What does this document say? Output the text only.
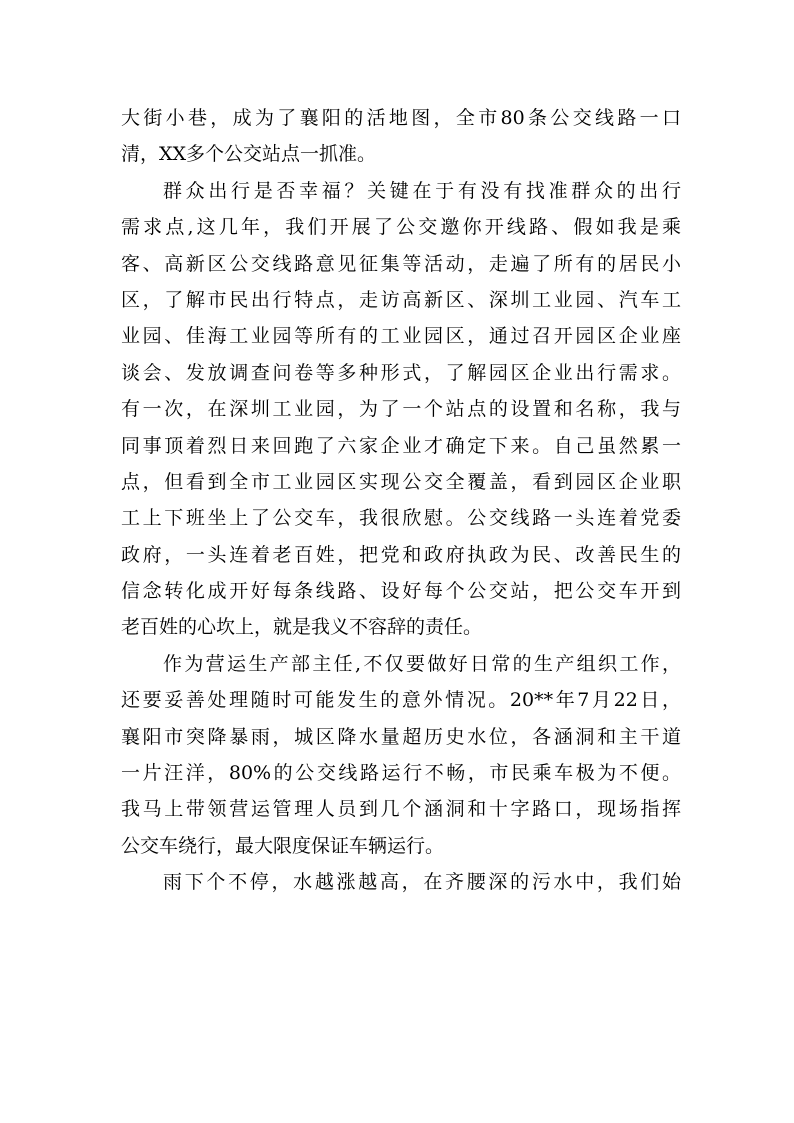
大街小巷，成为了襄阳的活地图，全市80条公交线路一口
清，XX多个公交站点一抓准。
群众出行是否幸福？关键在于有没有找准群众的出行
需求点,这几年，我们开展了公交邀你开线路、假如我是乘
客、高新区公交线路意见征集等活动，走遍了所有的居民小
区，了解市民出行特点，走访高新区、深圳工业园、汽车工
业园、佳海工业园等所有的工业园区，通过召开园区企业座
谈会、发放调查问卷等多种形式，了解园区企业出行需求。
有一次，在深圳工业园，为了一个站点的设置和名称，我与
同事顶着烈日来回跑了六家企业才确定下来。自己虽然累一
点，但看到全市工业园区实现公交全覆盖，看到园区企业职
工上下班坐上了公交车，我很欣慰。公交线路一头连着党委
政府，一头连着老百姓，把党和政府执政为民、改善民生的
信念转化成开好每条线路、设好每个公交站，把公交车开到
老百姓的心坎上，就是我义不容辞的责任。
作为营运生产部主任,不仅要做好日常的生产组织工作，
还要妥善处理随时可能发生的意外情况。20**年7月22日，
襄阳市突降暴雨，城区降水量超历史水位，各涵洞和主干道
一片汪洋，80%的公交线路运行不畅，市民乘车极为不便。
我马上带领营运管理人员到几个涵洞和十字路口，现场指挥
公交车绕行，最大限度保证车辆运行。
雨下个不停，水越涨越高，在齐腰深的污水中，我们始
